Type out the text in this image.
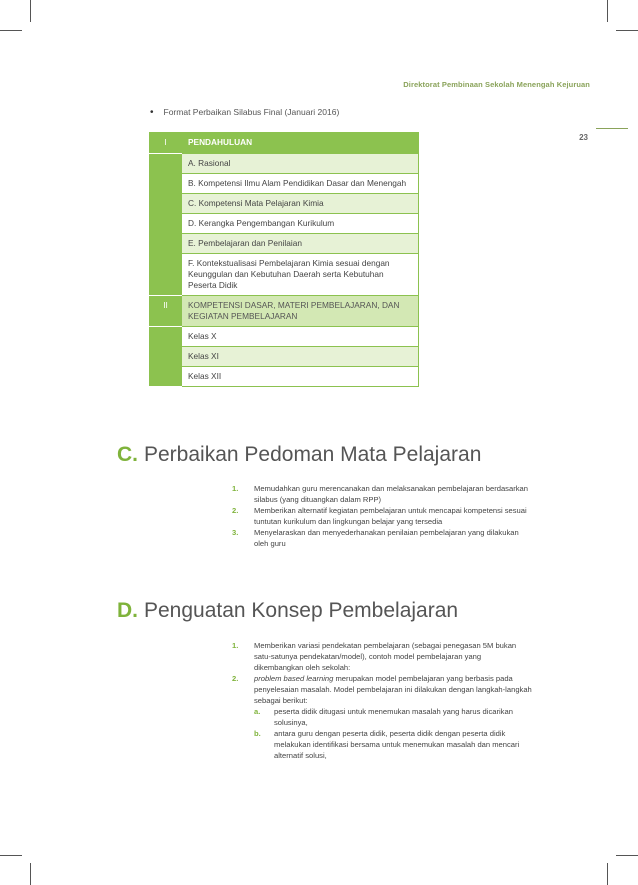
Direktorat Pembinaan Sekolah Menengah Kejuruan
23
• Format Perbaikan Silabus Final (Januari 2016)
I	PENDAHULUAN
	A. Rasional
	B. Kompetensi Ilmu Alam Pendidikan Dasar dan Menengah
	C. Kompetensi Mata Pelajaran Kimia
	D. Kerangka Pengembangan Kurikulum
	E. Pembelajaran dan Penilaian
	F. Kontekstualisasi Pembelajaran Kimia sesuai dengan Keunggulan dan Kebutuhan Daerah serta Kebutuhan Peserta Didik
II	KOMPETENSI DASAR, MATERI PEMBELAJARAN, DAN KEGIATAN PEMBELAJARAN
	Kelas X
	Kelas XI
	Kelas XII
C. Perbaikan Pedoman Mata Pelajaran
1.	Memudahkan guru merencanakan dan melaksanakan pembelajaran berdasarkan silabus (yang dituangkan dalam RPP)
2.	Memberikan alternatif kegiatan pembelajaran untuk mencapai kompetensi sesuai tuntutan kurikulum dan lingkungan belajar yang tersedia
3.	Menyelaraskan dan menyederhanakan penilaian pembelajaran yang dilakukan oleh guru
D. Penguatan Konsep Pembelajaran
1.	Memberikan variasi pendekatan pembelajaran (sebagai penegasan 5M bukan satu-satunya pendekatan/model), contoh model pembelajaran yang dikembangkan oleh sekolah:
2.	problem based learning merupakan model pembelajaran yang berbasis pada penyelesaian masalah. Model pembelajaran ini dilakukan dengan langkah-langkah sebagai berikut:
a.	peserta didik ditugasi untuk menemukan masalah yang harus dicarikan solusinya,
b.	antara guru dengan peserta didik, peserta didik dengan peserta didik melakukan identifikasi bersama untuk menemukan masalah dan mencari alternatif solusi,
